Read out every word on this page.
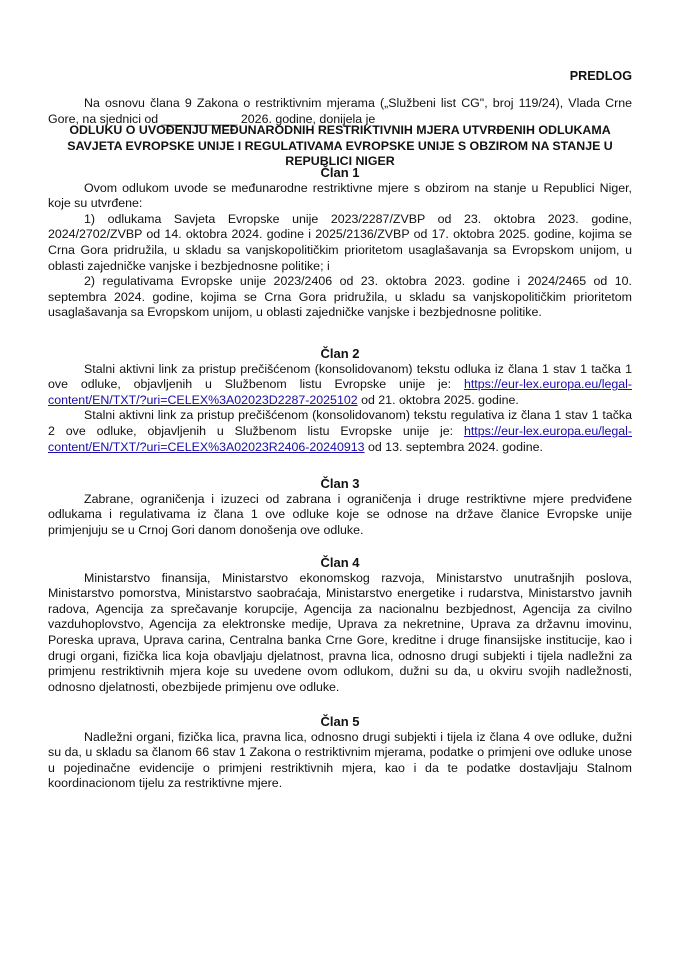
PREDLOG

Na osnovu člana 9 Zakona o restriktivnim mjerama („Službeni list CG", broj 119/24), Vlada Crne Gore, na sjednici od ___________ 2026. godine, donijela je

ODLUKU O UVOĐENJU MEĐUNARODNIH RESTRIKTIVNIH MJERA UTVRĐENIH ODLUKAMA SAVJETA EVROPSKE UNIJE I REGULATIVAMA EVROPSKE UNIJE S OBZIROM NA STANJE U REPUBLICI NIGER

Član 1

Ovom odlukom uvode se međunarodne restriktivne mjere s obzirom na stanje u Republici Niger, koje su utvrđene:

1) odlukama Savjeta Evropske unije 2023/2287/ZVBP od 23. oktobra 2023. godine, 2024/2702/ZVBP od 14. oktobra 2024. godine i 2025/2136/ZVBP od 17. oktobra 2025. godine, kojima se Crna Gora pridružila, u skladu sa vanjskopolitičkim prioritetom usaglašavanja sa Evropskom unijom, u oblasti zajedničke vanjske i bezbjednosne politike; i

2) regulativama Evropske unije 2023/2406 od 23. oktobra 2023. godine i 2024/2465 od 10. septembra 2024. godine, kojima se Crna Gora pridružila, u skladu sa vanjskopolitičkim prioritetom usaglašavanja sa Evropskom unijom, u oblasti zajedničke vanjske i bezbjednosne politike.

Član 2

Stalni aktivni link za pristup prečišćenom (konsolidovanom) tekstu odluka iz člana 1 stav 1 tačka 1 ove odluke, objavljenih u Službenom listu Evropske unije je: https://eur-lex.europa.eu/legal-content/EN/TXT/?uri=CELEX%3A02023D2287-2025102 od 21. oktobra 2025. godine.

Stalni aktivni link za pristup prečišćenom (konsolidovanom) tekstu regulativa iz člana 1 stav 1 tačka 2 ove odluke, objavljenih u Službenom listu Evropske unije je: https://eur-lex.europa.eu/legal-content/EN/TXT/?uri=CELEX%3A02023R2406-20240913 od 13. septembra 2024. godine.

Član 3

Zabrane, ograničenja i izuzeci od zabrana i ograničenja i druge restriktivne mjere predviđene odlukama i regulativama iz člana 1 ove odluke koje se odnose na države članice Evropske unije primjenjuju se u Crnoj Gori danom donošenja ove odluke.

Član 4

Ministarstvo finansija, Ministarstvo ekonomskog razvoja, Ministarstvo unutrašnjih poslova, Ministarstvo pomorstva, Ministarstvo saobraćaja, Ministarstvo energetike i rudarstva, Ministarstvo javnih radova, Agencija za sprečavanje korupcije, Agencija za nacionalnu bezbjednost, Agencija za civilno vazduhoplovstvo, Agencija za elektronske medije, Uprava za nekretnine, Uprava za državnu imovinu, Poreska uprava, Uprava carina, Centralna banka Crne Gore, kreditne i druge finansijske institucije, kao i drugi organi, fizička lica koja obavljaju djelatnost, pravna lica, odnosno drugi subjekti i tijela nadležni za primjenu restriktivnih mjera koje su uvedene ovom odlukom, dužni su da, u okviru svojih nadležnosti, odnosno djelatnosti, obezbijede primjenu ove odluke.

Član 5

Nadležni organi, fizička lica, pravna lica, odnosno drugi subjekti i tijela iz člana 4 ove odluke, dužni su da, u skladu sa članom 66 stav 1 Zakona o restriktivnim mjerama, podatke o primjeni ove odluke unose u pojedinačne evidencije o primjeni restriktivnih mjera, kao i da te podatke dostavljaju Stalnom koordinacionom tijelu za restriktivne mjere.
